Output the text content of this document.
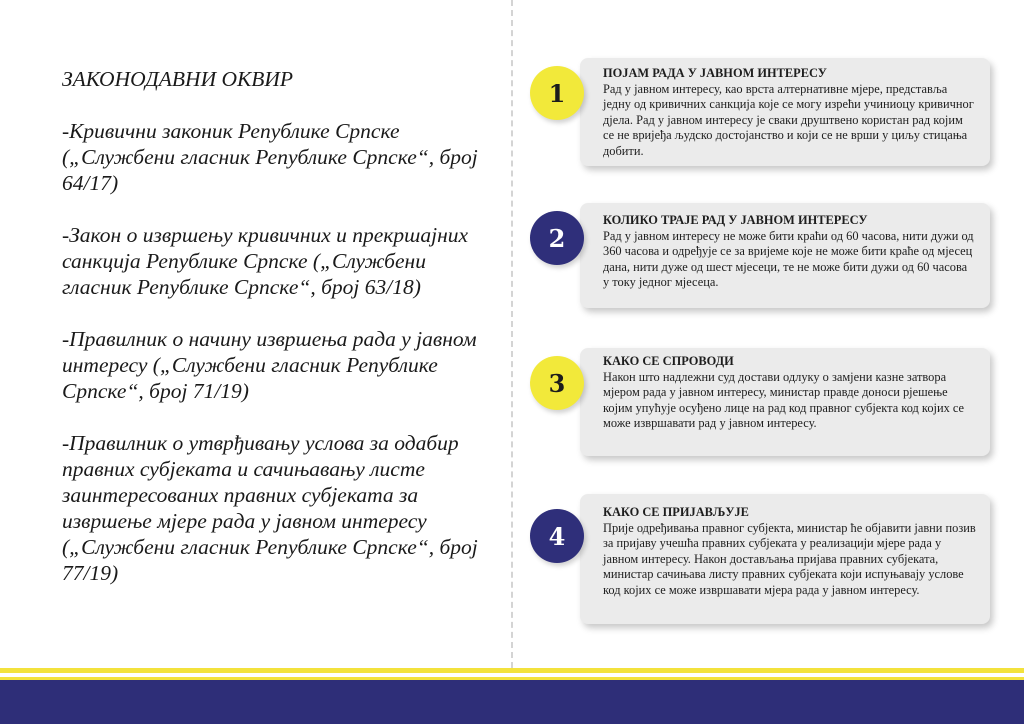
ЗАКОНОДАВНИ ОКВИР
-Кривични законик Републике Српске („Службени гласник Републике Српске“, број 64/17)
-Закон о извршењу кривичних и прекршајних санкција Републике Српске („Службени гласник Републике Српске“, број 63/18)
-Правилник о начину извршења рада у јавном интересу („Службени гласник Републике Српске“, број 71/19)
-Правилник о утврђивању услова за одабир правних субјеката и сачињавању листе заинтересованих правних субјеката за извршење мјере рада у јавном интересу („Службени гласник Републике Српске“, број 77/19)
1
ПОЈАМ РАДА У ЈАВНОМ ИНТЕРЕСУ
Рад у јавном интересу, као врста алтернативне мјере, представља једну од кривичних санкција које се могу изрећи учиниоцу кривичног дјела. Рад у јавном интересу је сваки друштвено користан рад којим се не вријеђа људско достојанство и који се не врши у циљу стицања добити.
2
КОЛИКО ТРАЈЕ РАД У ЈАВНОМ ИНТЕРЕСУ
Рад у јавном интересу не може бити краћи од 60 часова, нити дужи од 360 часова и одређује се за вријеме које не може бити краће од мјесец дана, нити дуже од шест мјесеци, те не може бити дужи од 60 часова у току једног мјесеца.
3
КАКО СЕ СПРОВОДИ
Након што надлежни суд достави одлуку о замјени казне затвора мјером рада у јавном интересу, министар правде доноси рјешење којим упућује осуђено лице на рад код правног субјекта код којих се може извршавати рад у јавном интересу.
4
КАКО СЕ ПРИЈАВЉУЈЕ
Прије одређивања правног субјекта, министар ће објавити јавни позив за пријаву учешћа правних субјеката у реализацији мјере рада у јавном интересу. Након достављања пријава правних субјеката, министар сачињава листу правних субјеката који испуњавају услове код којих се може извршавати мјера рада у јавном интересу.
